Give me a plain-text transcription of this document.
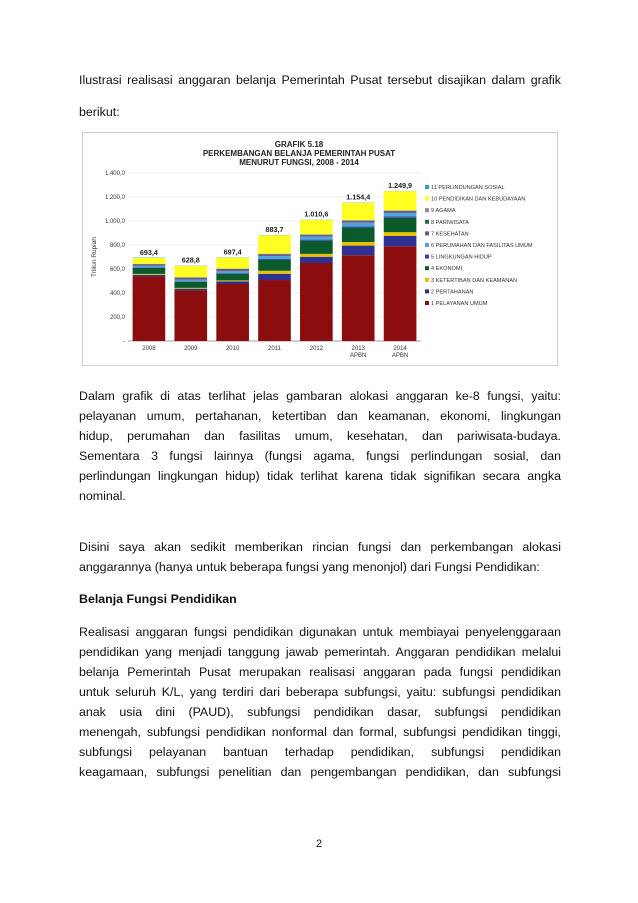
Ilustrasi realisasi anggaran belanja Pemerintah Pusat tersebut disajikan dalam grafik
berikut:
GRAFIK 5.18
PERKEMBANGAN BELANJA PEMERINTAH PUSAT
MENURUT FUNGSI, 2008 - 2014
Triliun Rupiah
-
200,0
400,0
600,0
800,0
1.000,0
1.200,0
1.400,0
693,4
2008
628,8
2009
697,4
2010
883,7
2011
1.010,6
2012
1.154,4
2013
APBN
1.249,9
2014
APBN
11 PERLINDUNGAN SOSIAL
10 PENDIDIKAN DAN KEBUDAYAAN
9 AGAMA
8 PARIWISATA
7 KESEHATAN
6 PERUMAHAN DAN FASILITAS UMUM
5 LINGKUNGAN HIDUP
4 EKONOMI
3 KETERTIBAN DAN KEAMANAN
2 PERTAHANAN
1 PELAYANAN UMUM
Dalam grafik di atas terlihat jelas gambaran alokasi anggaran ke-8 fungsi, yaitu:
pelayanan umum, pertahanan, ketertiban dan keamanan, ekonomi, lingkungan
hidup, perumahan dan fasilitas umum, kesehatan, dan pariwisata-budaya.
Sementara 3 fungsi lainnya (fungsi agama, fungsi perlindungan sosial, dan
perlindungan lingkungan hidup) tidak terlihat karena tidak signifikan secara angka
nominal.
Disini saya akan sedikit memberikan rincian fungsi dan perkembangan alokasi
anggarannya (hanya untuk beberapa fungsi yang menonjol) dari Fungsi Pendidikan:
Belanja Fungsi Pendidikan
Realisasi anggaran fungsi pendidikan digunakan untuk membiayai penyelenggaraan
pendidikan yang menjadi tanggung jawab pemerintah. Anggaran pendidikan melalui
belanja Pemerintah Pusat merupakan realisasi anggaran pada fungsi pendidikan
untuk seluruh K/L, yang terdiri dari beberapa subfungsi, yaitu: subfungsi pendidikan
anak usia dini (PAUD), subfungsi pendidikan dasar, subfungsi pendidikan
menengah, subfungsi pendidikan nonformal dan formal, subfungsi pendidikan tinggi,
subfungsi pelayanan bantuan terhadap pendidikan, subfungsi pendidikan
keagamaan, subfungsi penelitian dan pengembangan pendidikan, dan subfungsi
2
